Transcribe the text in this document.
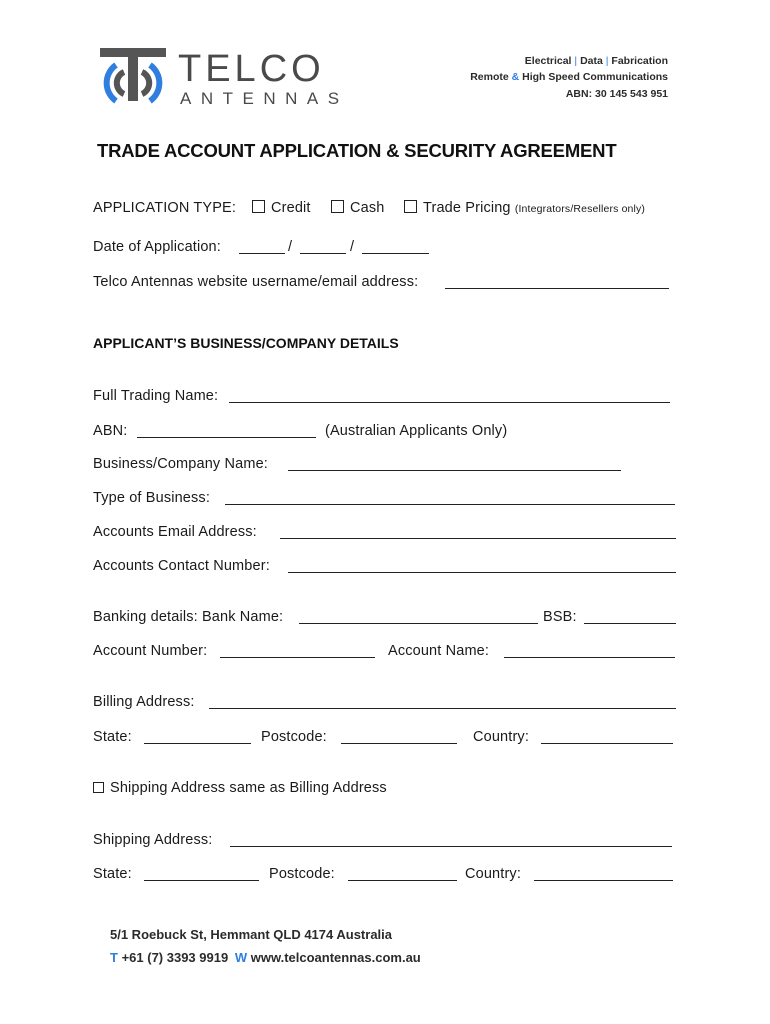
TELCO
ANTENNAS
Electrical | Data | Fabrication
Remote & High Speed Communications
ABN: 30 145 543 951
TRADE ACCOUNT APPLICATION & SECURITY AGREEMENT
APPLICATION TYPE:	Credit	Cash	Trade Pricing (Integrators/Resellers only)
Date of Application:	/	/
Telco Antennas website username/email address:
APPLICANT’S BUSINESS/COMPANY DETAILS
Full Trading Name:
ABN:	(Australian Applicants Only)
Business/Company Name:
Type of Business:
Accounts Email Address:
Accounts Contact Number:
Banking details: Bank Name:	BSB:
Account Number:	Account Name:
Billing Address:
State:	Postcode:	Country:
Shipping Address same as Billing Address
Shipping Address:
State:	Postcode:	Country:
5/1 Roebuck St, Hemmant QLD 4174 Australia
T +61 (7) 3393 9919 W www.telcoantennas.com.au
